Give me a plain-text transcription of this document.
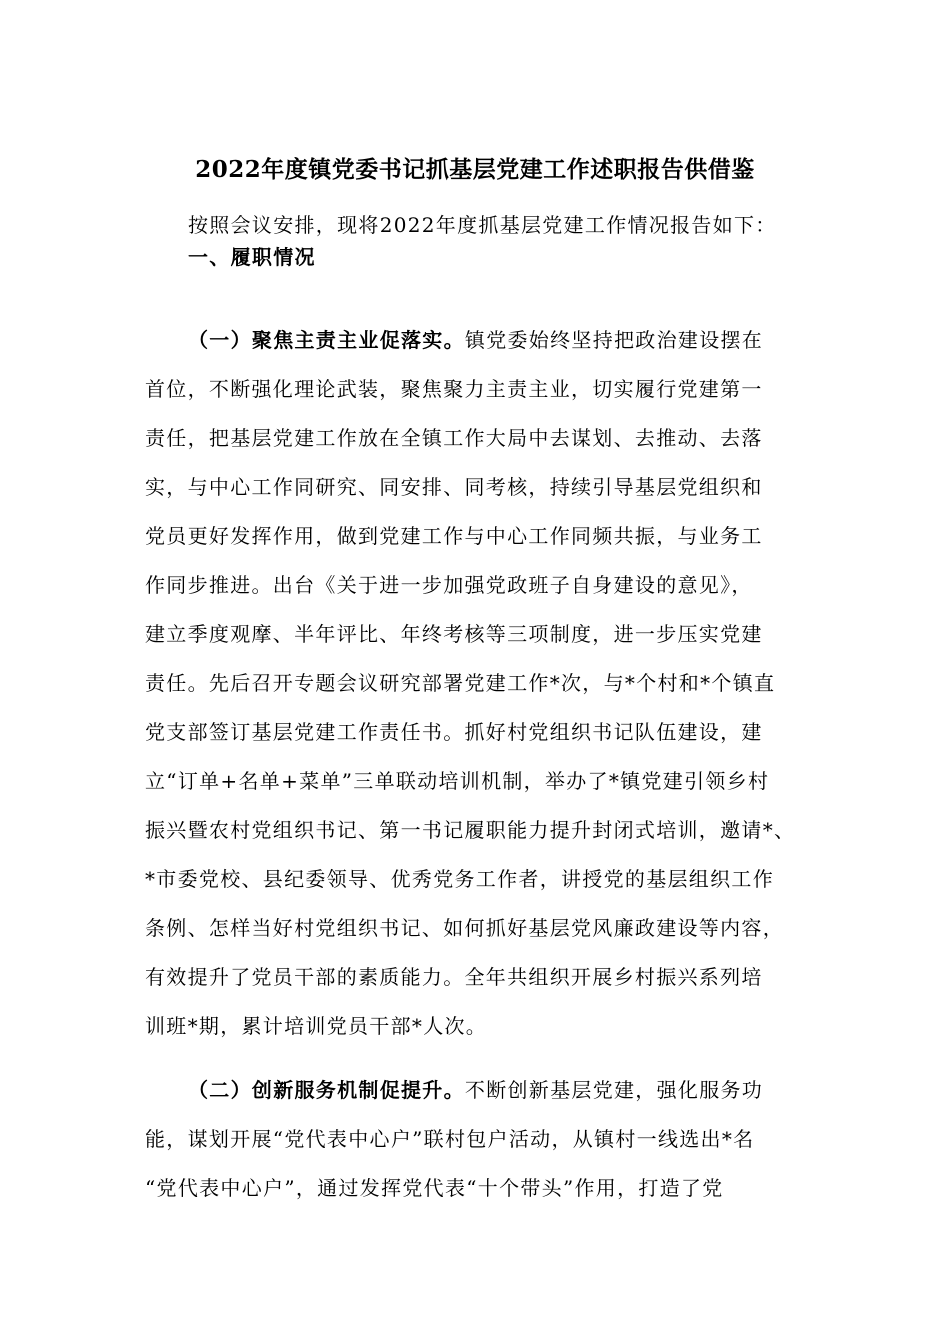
2022年度镇党委书记抓基层党建工作述职报告供借鉴
按照会议安排，现将2022年度抓基层党建工作情况报告如下：
一、履职情况
（一）聚焦主责主业促落实。镇党委始终坚持把政治建设摆在
首位，不断强化理论武装，聚焦聚力主责主业，切实履行党建第一
责任，把基层党建工作放在全镇工作大局中去谋划、去推动、去落
实，与中心工作同研究、同安排、同考核，持续引导基层党组织和
党员更好发挥作用，做到党建工作与中心工作同频共振，与业务工
作同步推进。出台《关于进一步加强党政班子自身建设的意见》，
建立季度观摩、半年评比、年终考核等三项制度，进一步压实党建
责任。先后召开专题会议研究部署党建工作*次，与*个村和*个镇直
党支部签订基层党建工作责任书。抓好村党组织书记队伍建设，建
立“订单+名单+菜单”三单联动培训机制，举办了*镇党建引领乡村
振兴暨农村党组织书记、第一书记履职能力提升封闭式培训，邀请*、
*市委党校、县纪委领导、优秀党务工作者，讲授党的基层组织工作
条例、怎样当好村党组织书记、如何抓好基层党风廉政建设等内容，
有效提升了党员干部的素质能力。全年共组织开展乡村振兴系列培
训班*期，累计培训党员干部*人次。
（二）创新服务机制促提升。不断创新基层党建，强化服务功
能，谋划开展“党代表中心户”联村包户活动，从镇村一线选出*名
“党代表中心户”，通过发挥党代表“十个带头”作用，打造了党
